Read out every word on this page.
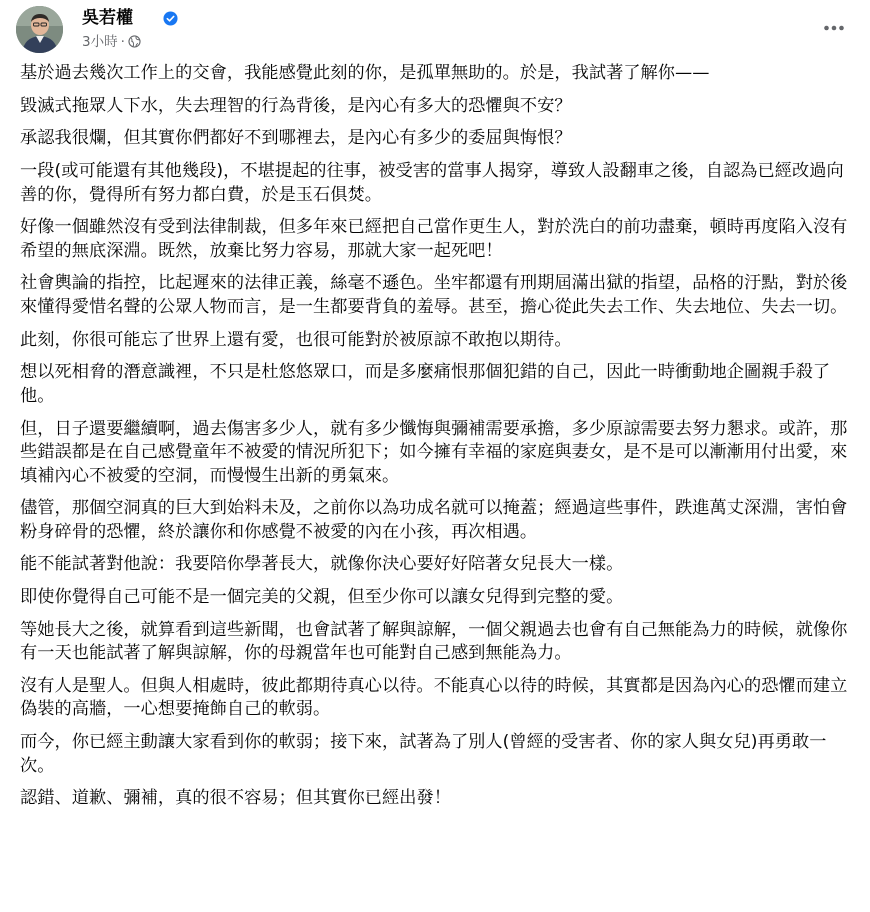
吳若權
3小時 ·

基於過去幾次工作上的交會，我能感覺此刻的你，是孤單無助的。於是，我試著了解你——

毀滅式拖眾人下水，失去理智的行為背後，是內心有多大的恐懼與不安？

承認我很爛，但其實你們都好不到哪裡去，是內心有多少的委屈與悔恨？

一段(或可能還有其他幾段)，不堪提起的往事，被受害的當事人揭穿，導致人設翻車之後，自認為已經改過向善的你，覺得所有努力都白費，於是玉石俱焚。

好像一個雖然沒有受到法律制裁，但多年來已經把自己當作更生人，對於洗白的前功盡棄，頓時再度陷入沒有希望的無底深淵。既然，放棄比努力容易，那就大家一起死吧！

社會輿論的指控，比起遲來的法律正義，絲毫不遜色。坐牢都還有刑期屆滿出獄的指望，品格的汙點，對於後來懂得愛惜名聲的公眾人物而言，是一生都要背負的羞辱。甚至，擔心從此失去工作、失去地位、失去一切。

此刻，你很可能忘了世界上還有愛，也很可能對於被原諒不敢抱以期待。

想以死相脅的潛意識裡，不只是杜悠悠眾口，而是多麼痛恨那個犯錯的自己，因此一時衝動地企圖親手殺了他。

但，日子還要繼續啊，過去傷害多少人，就有多少懺悔與彌補需要承擔，多少原諒需要去努力懇求。或許，那些錯誤都是在自己感覺童年不被愛的情況所犯下；如今擁有幸福的家庭與妻女，是不是可以漸漸用付出愛，來填補內心不被愛的空洞，而慢慢生出新的勇氣來。

儘管，那個空洞真的巨大到始料未及，之前你以為功成名就可以掩蓋；經過這些事件，跌進萬丈深淵，害怕會粉身碎骨的恐懼，終於讓你和你感覺不被愛的內在小孩，再次相遇。

能不能試著對他說：我要陪你學著長大，就像你決心要好好陪著女兒長大一樣。

即使你覺得自己可能不是一個完美的父親，但至少你可以讓女兒得到完整的愛。

等她長大之後，就算看到這些新聞，也會試著了解與諒解，一個父親過去也會有自己無能為力的時候，就像你有一天也能試著了解與諒解，你的母親當年也可能對自己感到無能為力。

沒有人是聖人。但與人相處時，彼此都期待真心以待。不能真心以待的時候，其實都是因為內心的恐懼而建立偽裝的高牆，一心想要掩飾自己的軟弱。

而今，你已經主動讓大家看到你的軟弱；接下來，試著為了別人(曾經的受害者、你的家人與女兒)再勇敢一次。

認錯、道歉、彌補，真的很不容易；但其實你已經出發！
